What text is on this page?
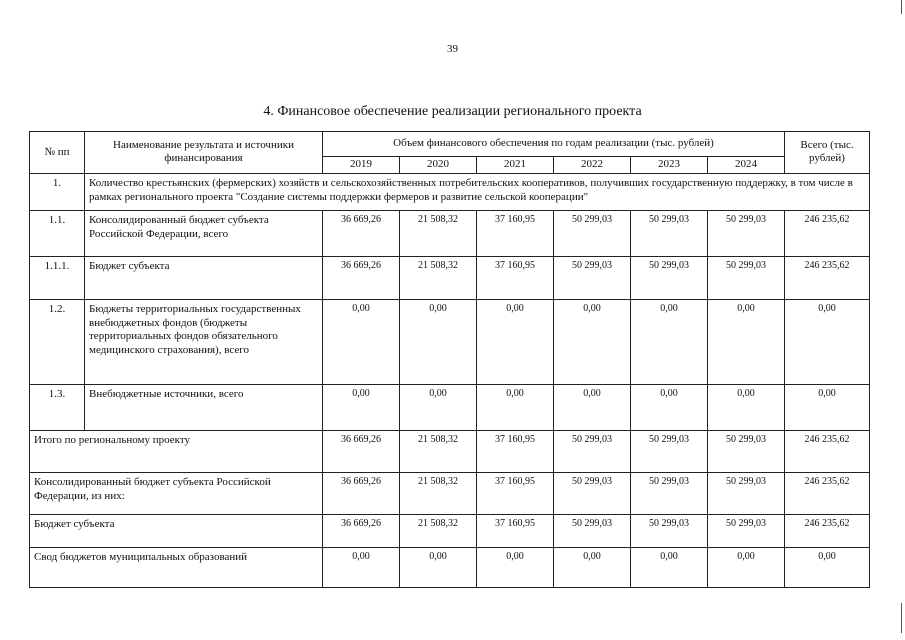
39
4. Финансовое обеспечение реализации регионального проекта
№ пп	Наименование результата и источники финансирования	Объем финансового обеспечения по годам реализации (тыс. рублей)						Всего (тыс. рублей)
		2019	2020	2021	2022	2023	2024	
1.	Количество крестьянских (фермерских) хозяйств и сельскохозяйственных потребительских кооперативов, получивших государственную поддержку, в том числе в рамках регионального проекта "Создание системы поддержки фермеров и развитие сельской кооперации"							
1.1.	Консолидированный бюджет субъекта Российской Федерации, всего	36 669,26	21 508,32	37 160,95	50 299,03	50 299,03	50 299,03	246 235,62
1.1.1.	Бюджет субъекта	36 669,26	21 508,32	37 160,95	50 299,03	50 299,03	50 299,03	246 235,62
1.2.	Бюджеты территориальных государственных внебюджетных фондов (бюджеты территориальных фондов обязательного медицинского страхования), всего	0,00	0,00	0,00	0,00	0,00	0,00	0,00
1.3.	Внебюджетные источники, всего	0,00	0,00	0,00	0,00	0,00	0,00	0,00
Итого по региональному проекту		36 669,26	21 508,32	37 160,95	50 299,03	50 299,03	50 299,03	246 235,62
Консолидированный бюджет субъекта Российской Федерации, из них:		36 669,26	21 508,32	37 160,95	50 299,03	50 299,03	50 299,03	246 235,62
Бюджет субъекта		36 669,26	21 508,32	37 160,95	50 299,03	50 299,03	50 299,03	246 235,62
Свод бюджетов муниципальных образований		0,00	0,00	0,00	0,00	0,00	0,00	0,00
